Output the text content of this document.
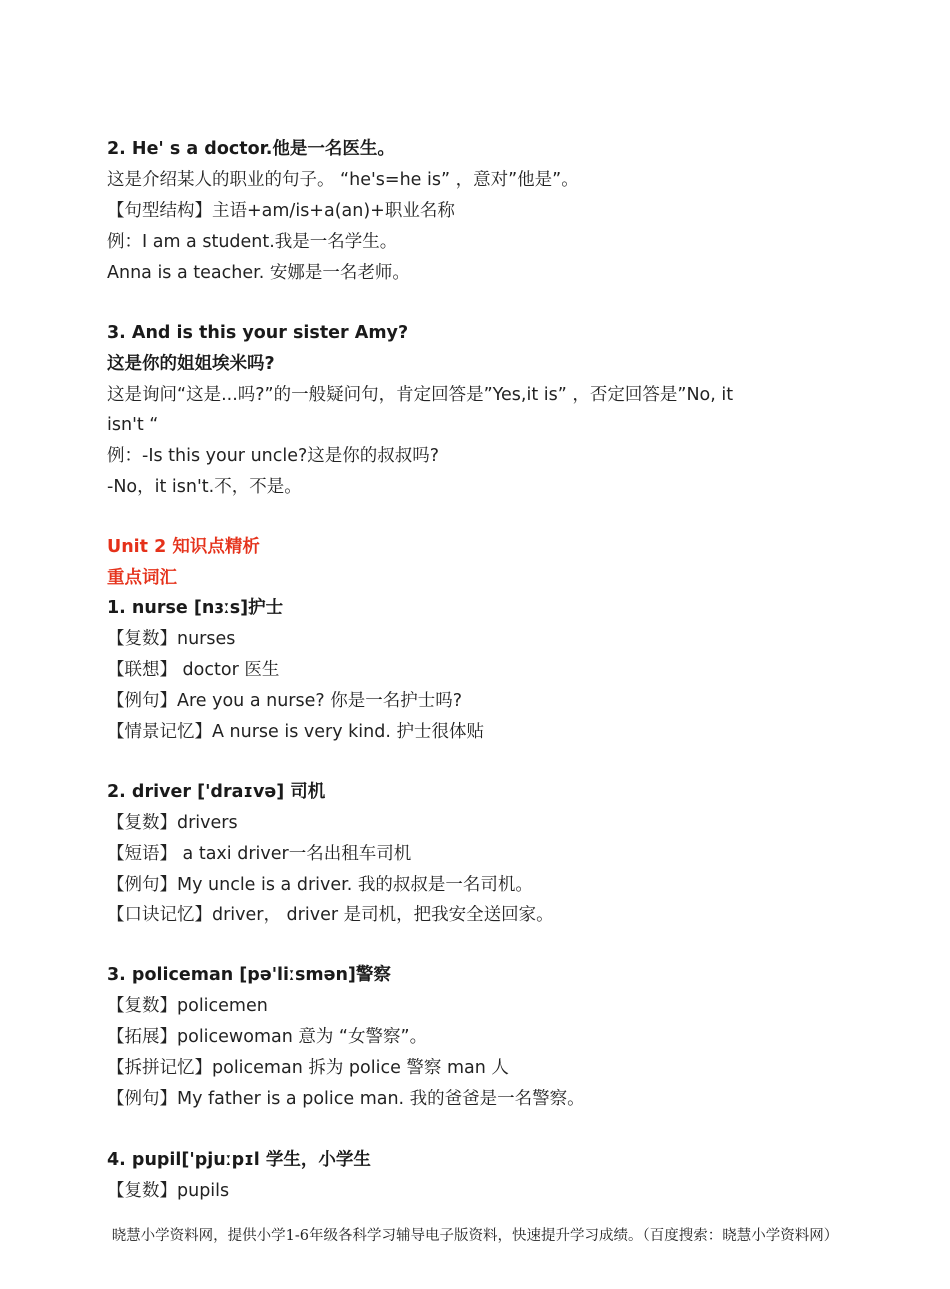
2. He' s a doctor.他是一名医生。
这是介绍某人的职业的句子。 “he's=he is” ，意对”他是”。
【句型结构】主语+am/is+a(an)+职业名称
例：I am a student.我是一名学生。
Anna is a teacher. 安娜是一名老师。
3. And is this your sister Amy?
这是你的姐姐埃米吗?
这是询问“这是...吗?”的一般疑问句，肯定回答是”Yes,it is” ，否定回答是”No, it
isn't “
例：-Is this your uncle?这是你的叔叔吗?
-No，it isn't.不，不是。
Unit 2 知识点精析
重点词汇
1. nurse [nɜːs]护士
【复数】nurses
【联想】 doctor 医生
【例句】Are you a nurse? 你是一名护士吗?
【情景记忆】A nurse is very kind. 护士很体贴
2. driver ['draɪvə] 司机
【复数】drivers
【短语】 a taxi driver一名出租车司机
【例句】My uncle is a driver. 我的叔叔是一名司机。
【口诀记忆】driver， driver 是司机，把我安全送回家。
3. policeman [pə'liːsmən]警察
【复数】policemen
【拓展】policewoman 意为 “女警察”。
【拆拼记忆】policeman 拆为 police 警察 man 人
【例句】My father is a police man. 我的爸爸是一名警察。
4. pupil['pjuːpɪl 学生，小学生
【复数】pupils
晓慧小学资料网，提供小学1-6年级各科学习辅导电子版资料，快速提升学习成绩。（百度搜索：晓慧小学资料网）
